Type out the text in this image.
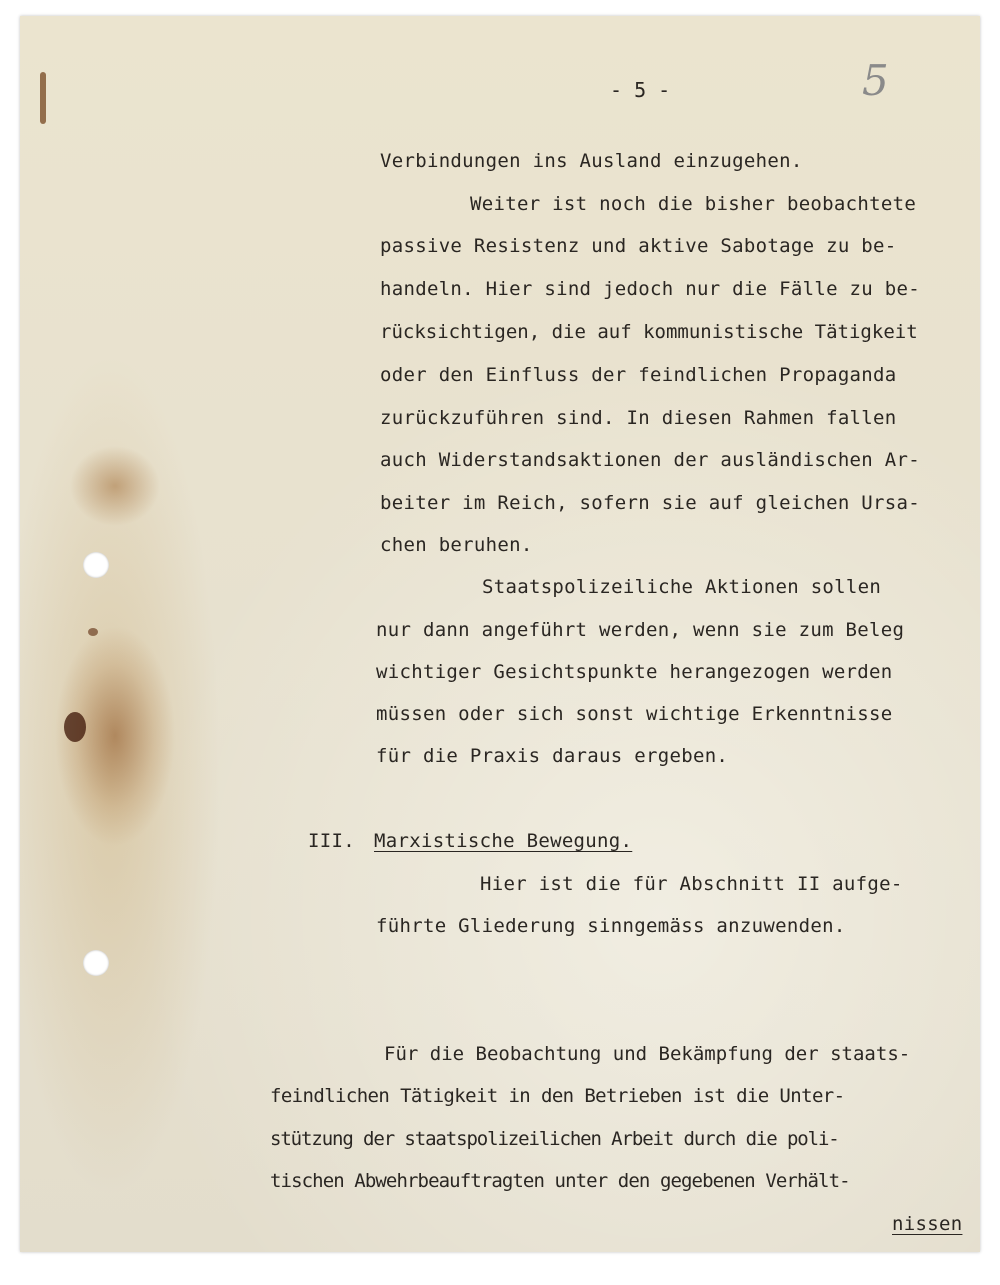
- 5 -	5
Verbindungen ins Ausland einzugehen.
Weiter ist noch die bisher beobachtete
passive Resistenz und aktive Sabotage zu be-
handeln. Hier sind jedoch nur die Fälle zu be-
rücksichtigen, die auf kommunistische Tätigkeit
oder den Einfluss der feindlichen Propaganda
zurückzuführen sind. In diesen Rahmen fallen
auch Widerstandsaktionen der ausländischen Ar-
beiter im Reich, sofern sie auf gleichen Ursa-
chen beruhen.
Staatspolizeiliche Aktionen sollen
nur dann angeführt werden, wenn sie zum Beleg
wichtiger Gesichtspunkte herangezogen werden
müssen oder sich sonst wichtige Erkenntnisse
für die Praxis daraus ergeben.
III. Marxistische Bewegung.
Hier ist die für Abschnitt II aufge-
führte Gliederung sinngemäss anzuwenden.
Für die Beobachtung und Bekämpfung der staats-
feindlichen Tätigkeit in den Betrieben ist die Unter-
stützung der staatspolizeilichen Arbeit durch die poli-
tischen Abwehrbeauftragten unter den gegebenen Verhält-
nissen
